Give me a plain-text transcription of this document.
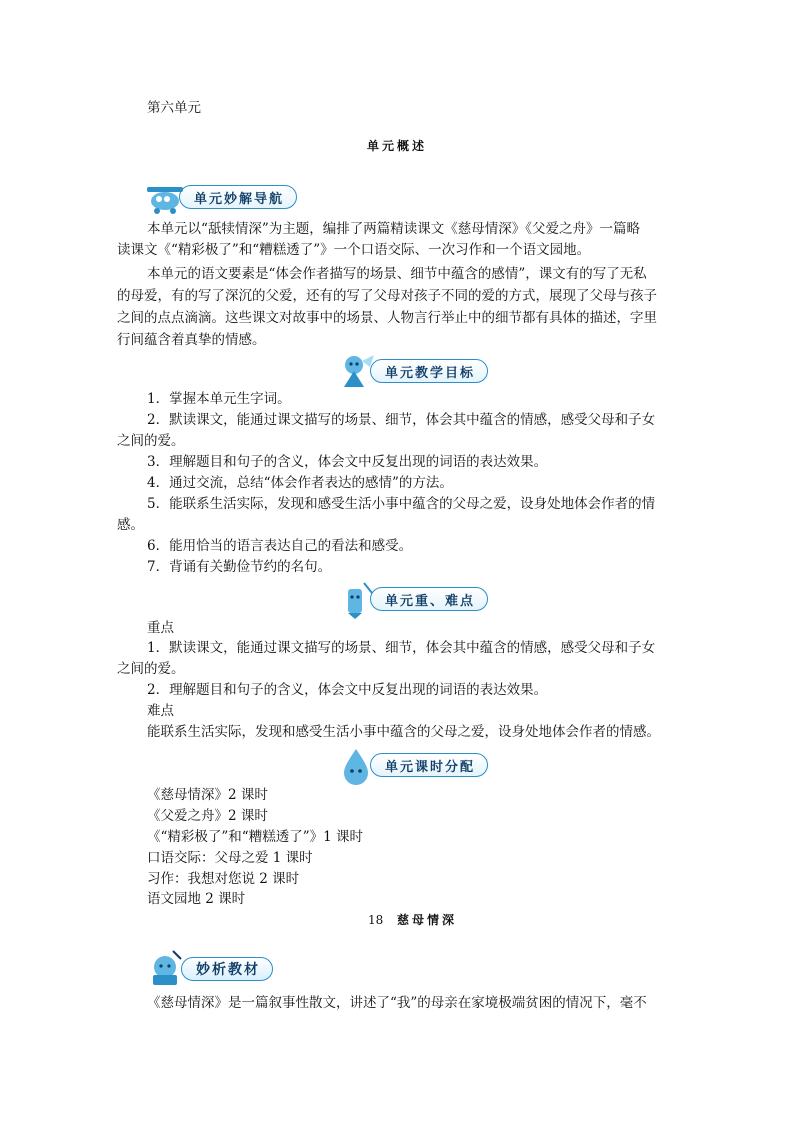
第六单元
单元概述
单元妙解导航
本单元以“舐犊情深”为主题，编排了两篇精读课文《慈母情深》《父爱之舟》一篇略
读课文《“精彩极了”和“糟糕透了”》一个口语交际、一次习作和一个语文园地。
本单元的语文要素是“体会作者描写的场景、细节中蕴含的感情”，课文有的写了无私
的母爱，有的写了深沉的父爱，还有的写了父母对孩子不同的爱的方式，展现了父母与孩子
之间的点点滴滴。这些课文对故事中的场景、人物言行举止中的细节都有具体的描述，字里
行间蕴含着真挚的情感。
单元教学目标
1．掌握本单元生字词。
2．默读课文，能通过课文描写的场景、细节，体会其中蕴含的情感，感受父母和子女
之间的爱。
3．理解题目和句子的含义，体会文中反复出现的词语的表达效果。
4．通过交流，总结“体会作者表达的感情”的方法。
5．能联系生活实际，发现和感受生活小事中蕴含的父母之爱，设身处地体会作者的情
感。
6．能用恰当的语言表达自己的看法和感受。
7．背诵有关勤俭节约的名句。
单元重、难点
重点
1．默读课文，能通过课文描写的场景、细节，体会其中蕴含的情感，感受父母和子女
之间的爱。
2．理解题目和句子的含义，体会文中反复出现的词语的表达效果。
难点
能联系生活实际，发现和感受生活小事中蕴含的父母之爱，设身处地体会作者的情感。
单元课时分配
《慈母情深》2 课时
《父爱之舟》2 课时
《“精彩极了”和“糟糕透了”》1 课时
口语交际：父母之爱 1 课时
习作：我想对您说 2 课时
语文园地 2 课时
18 慈母情深
妙析教材
《慈母情深》是一篇叙事性散文，讲述了“我”的母亲在家境极端贫困的情况下，毫不
